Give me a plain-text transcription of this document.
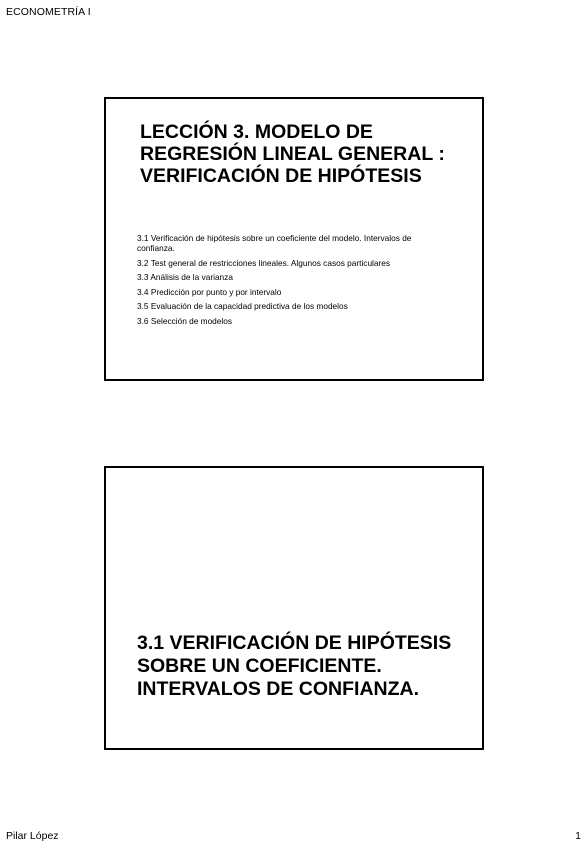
ECONOMETRÍA I
LECCIÓN 3. MODELO DE REGRESIÓN LINEAL GENERAL : VERIFICACIÓN DE HIPÓTESIS
3.1 Verificación de hipótesis sobre un coeficiente del modelo. Intervalos de confianza.
3.2 Test general de restricciones lineales. Algunos casos particulares
3.3 Análisis de la varianza
3.4 Predicción por punto y por intervalo
3.5 Evaluación de la capacidad predictiva de los modelos
3.6 Selección de modelos
3.1 VERIFICACIÓN DE HIPÓTESIS SOBRE UN COEFICIENTE. INTERVALOS DE CONFIANZA.
Pilar López	1
